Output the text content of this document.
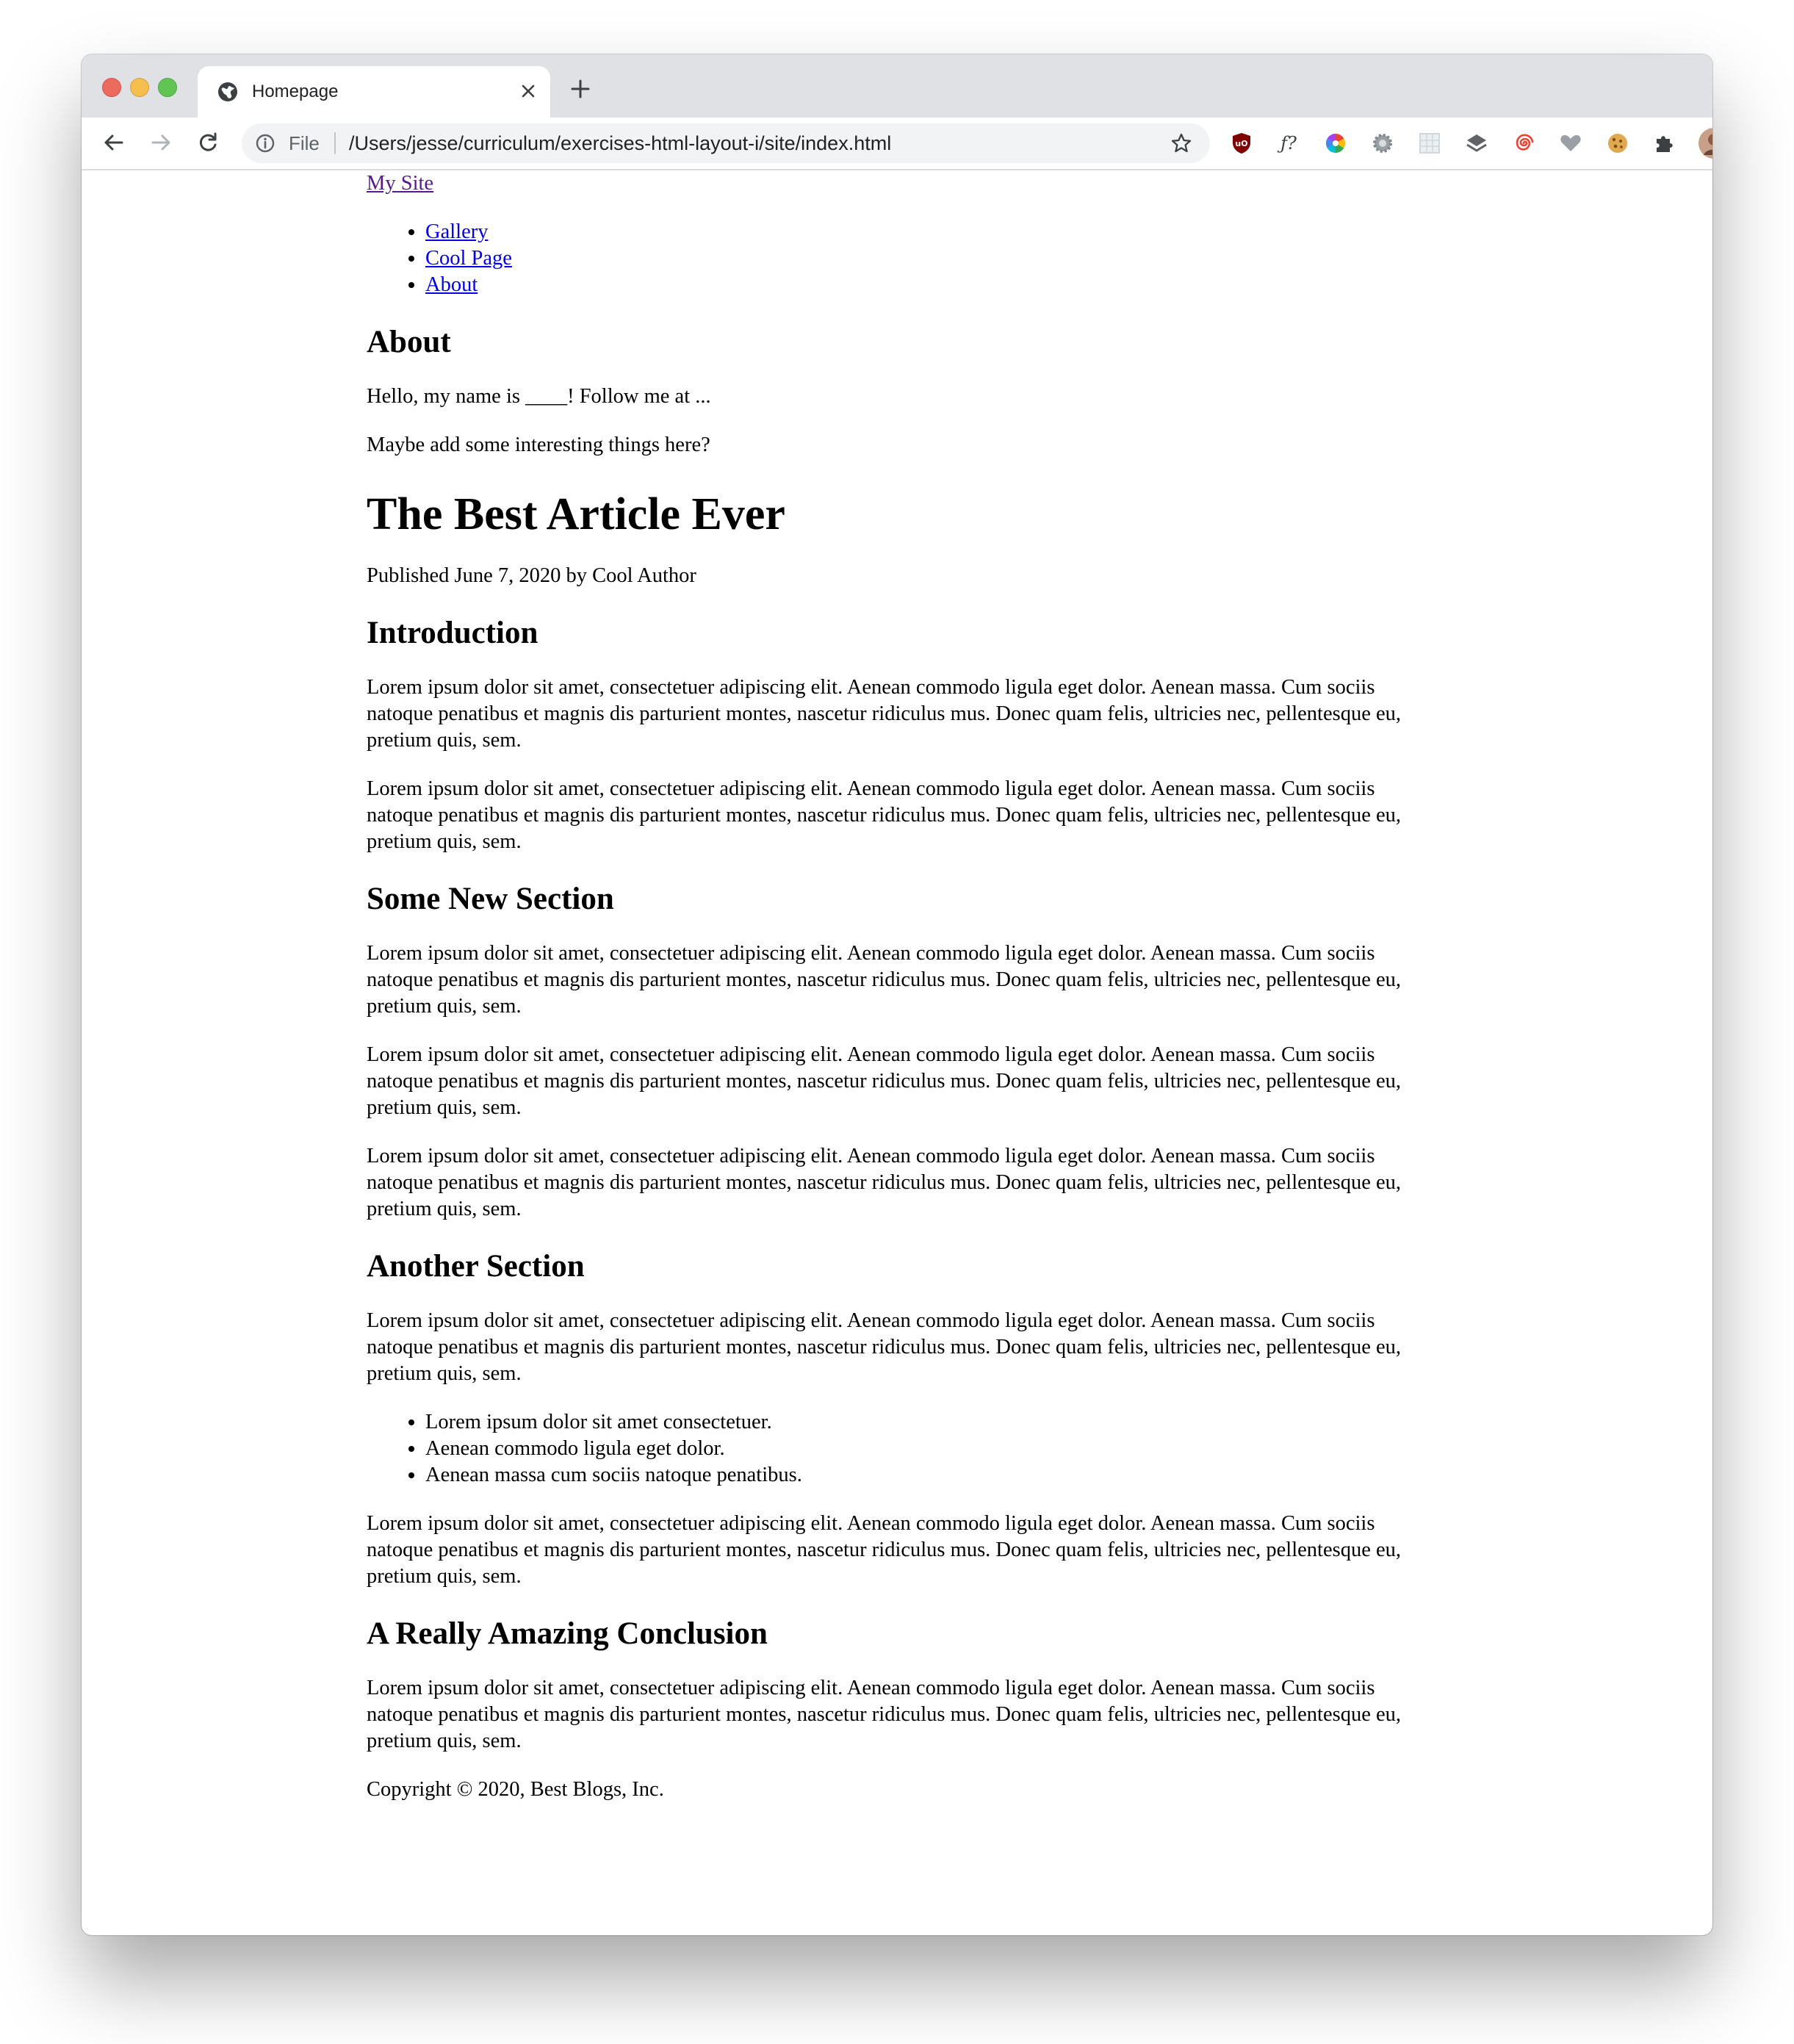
Homepage
File /Users/jesse/curriculum/exercises-html-layout-i/site/index.html	uO ƒ?
My Site
• Gallery
• Cool Page
• About
About

Hello, my name is ____! Follow me at ...

Maybe add some interesting things here?

The Best Article Ever

Published June 7, 2020 by Cool Author

Introduction

Lorem ipsum dolor sit amet, consectetuer adipiscing elit. Aenean commodo ligula eget dolor. Aenean massa. Cum sociis natoque penatibus et magnis dis parturient montes, nascetur ridiculus mus. Donec quam felis, ultricies nec, pellentesque eu, pretium quis, sem.

Lorem ipsum dolor sit amet, consectetuer adipiscing elit. Aenean commodo ligula eget dolor. Aenean massa. Cum sociis natoque penatibus et magnis dis parturient montes, nascetur ridiculus mus. Donec quam felis, ultricies nec, pellentesque eu, pretium quis, sem.

Some New Section

Lorem ipsum dolor sit amet, consectetuer adipiscing elit. Aenean commodo ligula eget dolor. Aenean massa. Cum sociis natoque penatibus et magnis dis parturient montes, nascetur ridiculus mus. Donec quam felis, ultricies nec, pellentesque eu, pretium quis, sem.

Lorem ipsum dolor sit amet, consectetuer adipiscing elit. Aenean commodo ligula eget dolor. Aenean massa. Cum sociis natoque penatibus et magnis dis parturient montes, nascetur ridiculus mus. Donec quam felis, ultricies nec, pellentesque eu, pretium quis, sem.

Lorem ipsum dolor sit amet, consectetuer adipiscing elit. Aenean commodo ligula eget dolor. Aenean massa. Cum sociis natoque penatibus et magnis dis parturient montes, nascetur ridiculus mus. Donec quam felis, ultricies nec, pellentesque eu, pretium quis, sem.

Another Section

Lorem ipsum dolor sit amet, consectetuer adipiscing elit. Aenean commodo ligula eget dolor. Aenean massa. Cum sociis natoque penatibus et magnis dis parturient montes, nascetur ridiculus mus. Donec quam felis, ultricies nec, pellentesque eu, pretium quis, sem.

• Lorem ipsum dolor sit amet consectetuer.
• Aenean commodo ligula eget dolor.
• Aenean massa cum sociis natoque penatibus.

Lorem ipsum dolor sit amet, consectetuer adipiscing elit. Aenean commodo ligula eget dolor. Aenean massa. Cum sociis natoque penatibus et magnis dis parturient montes, nascetur ridiculus mus. Donec quam felis, ultricies nec, pellentesque eu, pretium quis, sem.

A Really Amazing Conclusion

Lorem ipsum dolor sit amet, consectetuer adipiscing elit. Aenean commodo ligula eget dolor. Aenean massa. Cum sociis natoque penatibus et magnis dis parturient montes, nascetur ridiculus mus. Donec quam felis, ultricies nec, pellentesque eu, pretium quis, sem.

Copyright © 2020, Best Blogs, Inc.
